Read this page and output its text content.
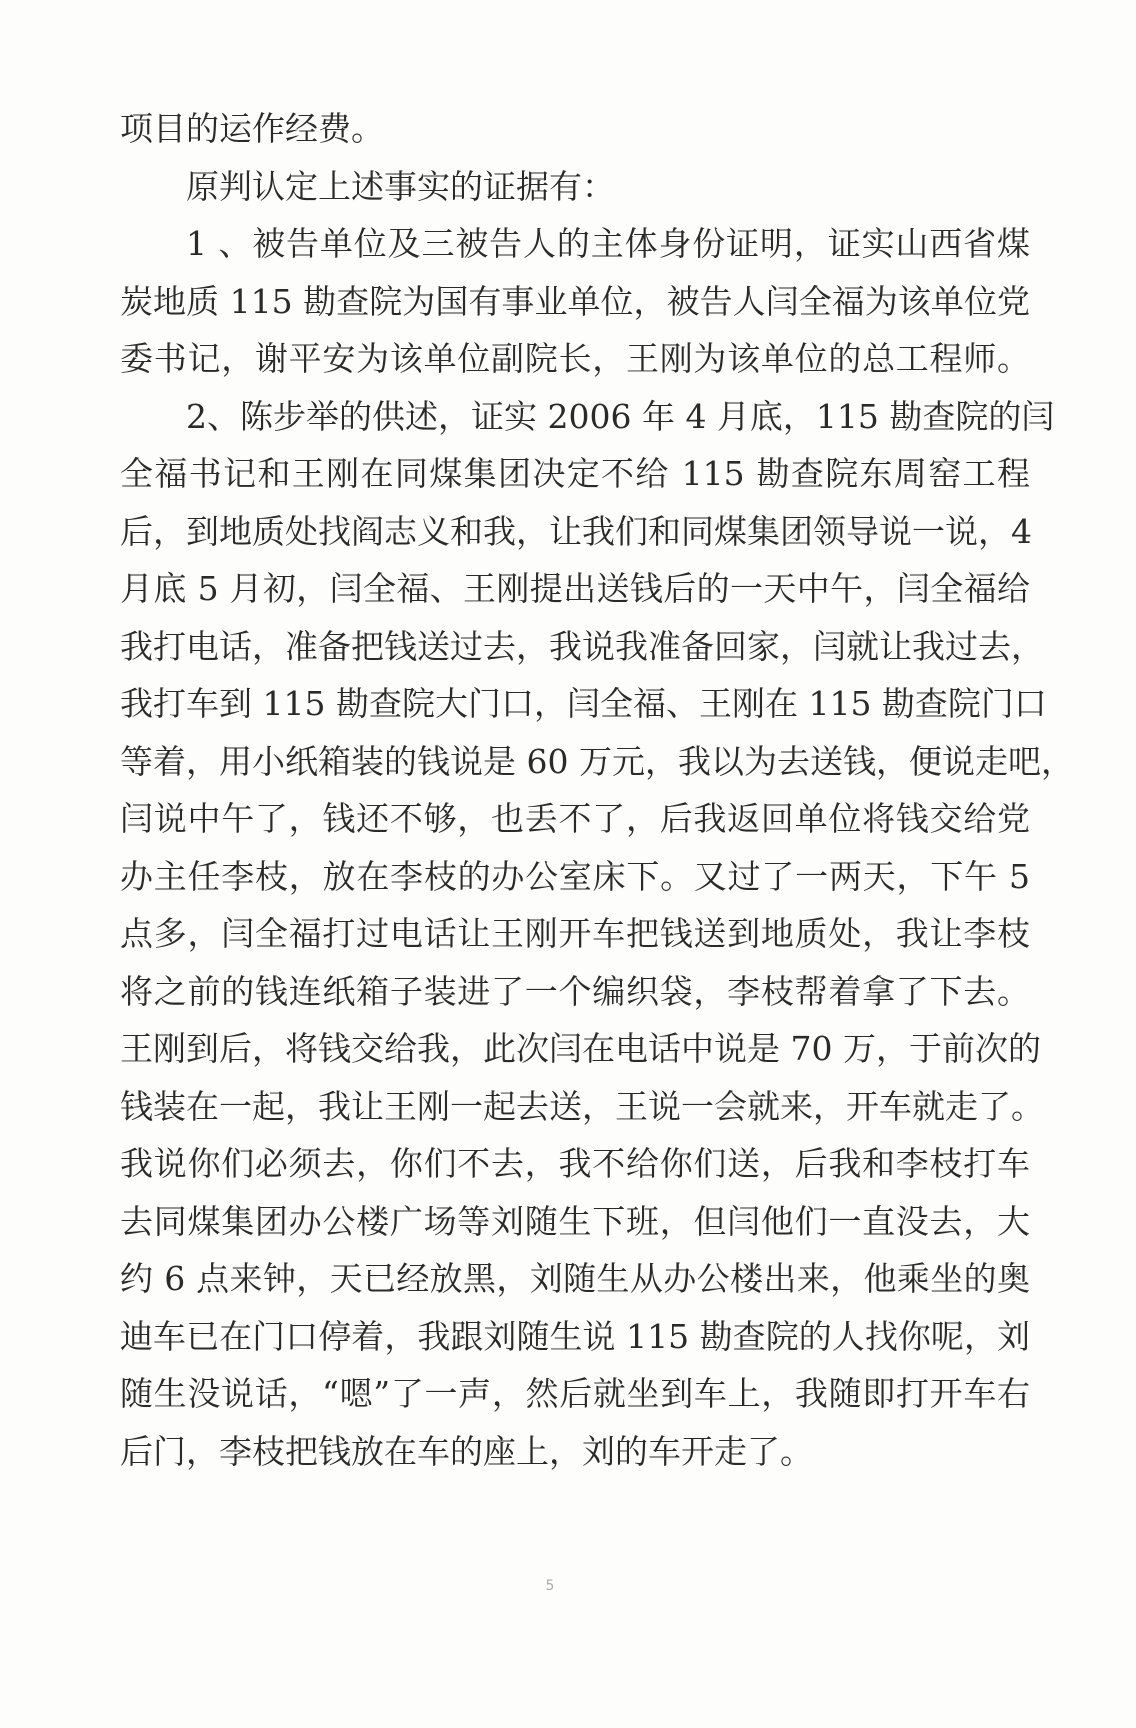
项目的运作经费。
原判认定上述事实的证据有：
1 、被告单位及三被告人的主体身份证明，证实山西省煤
炭地质 115 勘查院为国有事业单位，被告人闫全福为该单位党
委书记，谢平安为该单位副院长，王刚为该单位的总工程师。
2、陈步举的供述，证实 2006 年 4 月底，115 勘查院的闫
全福书记和王刚在同煤集团决定不给 115 勘查院东周窑工程
后，到地质处找阎志义和我，让我们和同煤集团领导说一说，4
月底 5 月初，闫全福、王刚提出送钱后的一天中午，闫全福给
我打电话，准备把钱送过去，我说我准备回家，闫就让我过去，
我打车到 115 勘查院大门口，闫全福、王刚在 115 勘查院门口
等着，用小纸箱装的钱说是 60 万元，我以为去送钱，便说走吧，
闫说中午了，钱还不够，也丢不了，后我返回单位将钱交给党
办主任李枝，放在李枝的办公室床下。又过了一两天，下午 5
点多，闫全福打过电话让王刚开车把钱送到地质处，我让李枝
将之前的钱连纸箱子装进了一个编织袋，李枝帮着拿了下去。
王刚到后，将钱交给我，此次闫在电话中说是 70 万，于前次的
钱装在一起，我让王刚一起去送，王说一会就来，开车就走了。
我说你们必须去，你们不去，我不给你们送，后我和李枝打车
去同煤集团办公楼广场等刘随生下班，但闫他们一直没去，大
约 6 点来钟，天已经放黑，刘随生从办公楼出来，他乘坐的奥
迪车已在门口停着，我跟刘随生说 115 勘查院的人找你呢，刘
随生没说话，“嗯”了一声，然后就坐到车上，我随即打开车右
后门，李枝把钱放在车的座上，刘的车开走了。
5
